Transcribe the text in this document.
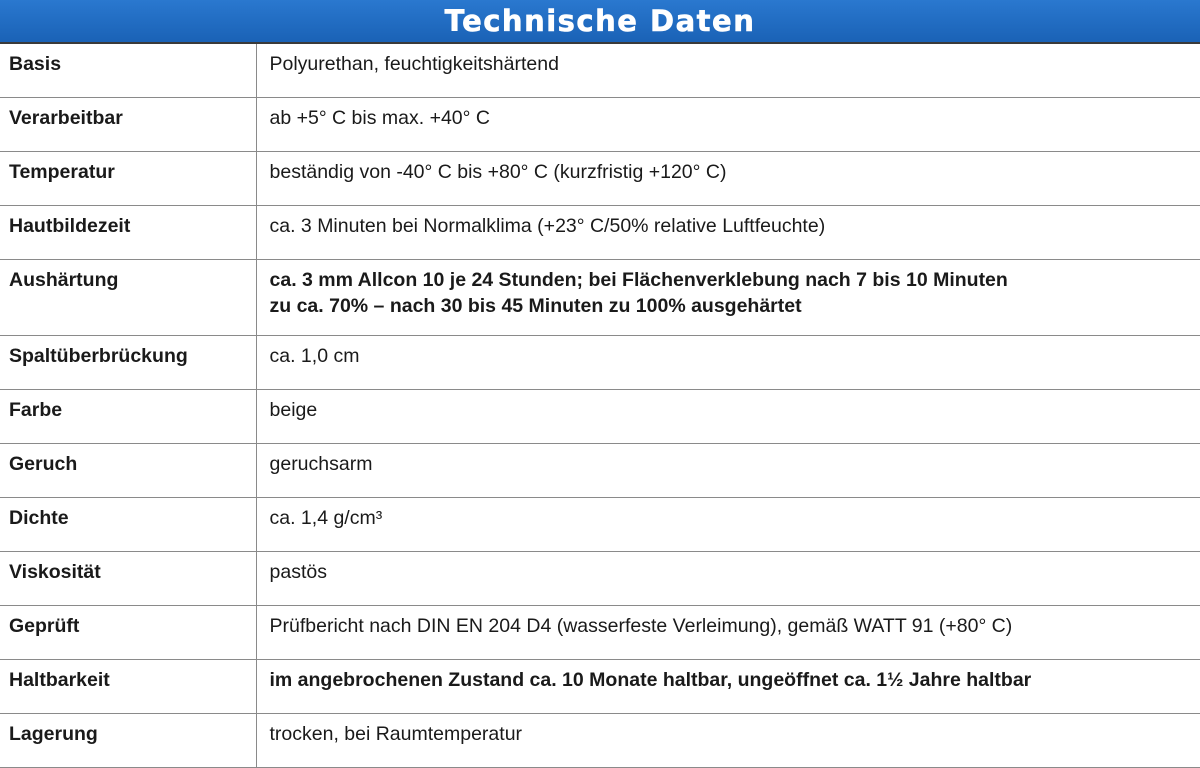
Technische Daten
Basis	Polyurethan, feuchtigkeitshärtend

Verarbeitbar	ab +5° C bis max. +40° C

Temperatur	beständig von -40° C bis +80° C (kurzfristig +120° C)

Hautbildezeit	ca. 3 Minuten bei Normalklima (+23° C/50% relative Luftfeuchte)

Aushärtung	ca. 3 mm Allcon 10 je 24 Stunden; bei Flächenverklebung nach 7 bis 10 Minuten
zu ca. 70% – nach 30 bis 45 Minuten zu 100% ausgehärtet

Spaltüberbrückung	ca. 1,0 cm

Farbe	beige

Geruch	geruchsarm

Dichte	ca. 1,4 g/cm³

Viskosität	pastös

Geprüft	Prüfbericht nach DIN EN 204 D4 (wasserfeste Verleimung), gemäß WATT 91 (+80° C)

Haltbarkeit	im angebrochenen Zustand ca. 10 Monate haltbar, ungeöffnet ca. 1½ Jahre haltbar

Lagerung	trocken, bei Raumtemperatur
